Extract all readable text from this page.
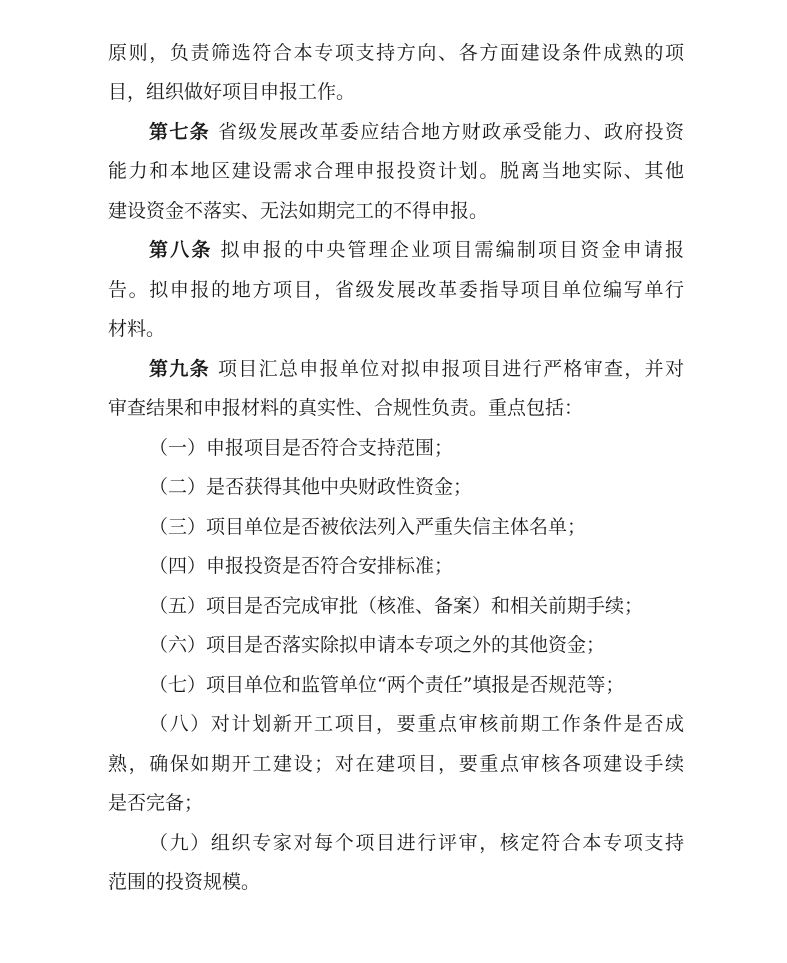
原则，负责筛选符合本专项支持方向、各方面建设条件成熟的项
目，组织做好项目申报工作。
第七条 省级发展改革委应结合地方财政承受能力、政府投资
能力和本地区建设需求合理申报投资计划。脱离当地实际、其他
建设资金不落实、无法如期完工的不得申报。
第八条 拟申报的中央管理企业项目需编制项目资金申请报
告。拟申报的地方项目，省级发展改革委指导项目单位编写单行
材料。
第九条 项目汇总申报单位对拟申报项目进行严格审查，并对
审查结果和申报材料的真实性、合规性负责。重点包括：
（一）申报项目是否符合支持范围；
（二）是否获得其他中央财政性资金；
（三）项目单位是否被依法列入严重失信主体名单；
（四）申报投资是否符合安排标准；
（五）项目是否完成审批（核准、备案）和相关前期手续；
（六）项目是否落实除拟申请本专项之外的其他资金；
（七）项目单位和监管单位“两个责任”填报是否规范等；
（八）对计划新开工项目，要重点审核前期工作条件是否成
熟，确保如期开工建设；对在建项目，要重点审核各项建设手续
是否完备；
（九）组织专家对每个项目进行评审，核定符合本专项支持
范围的投资规模。
